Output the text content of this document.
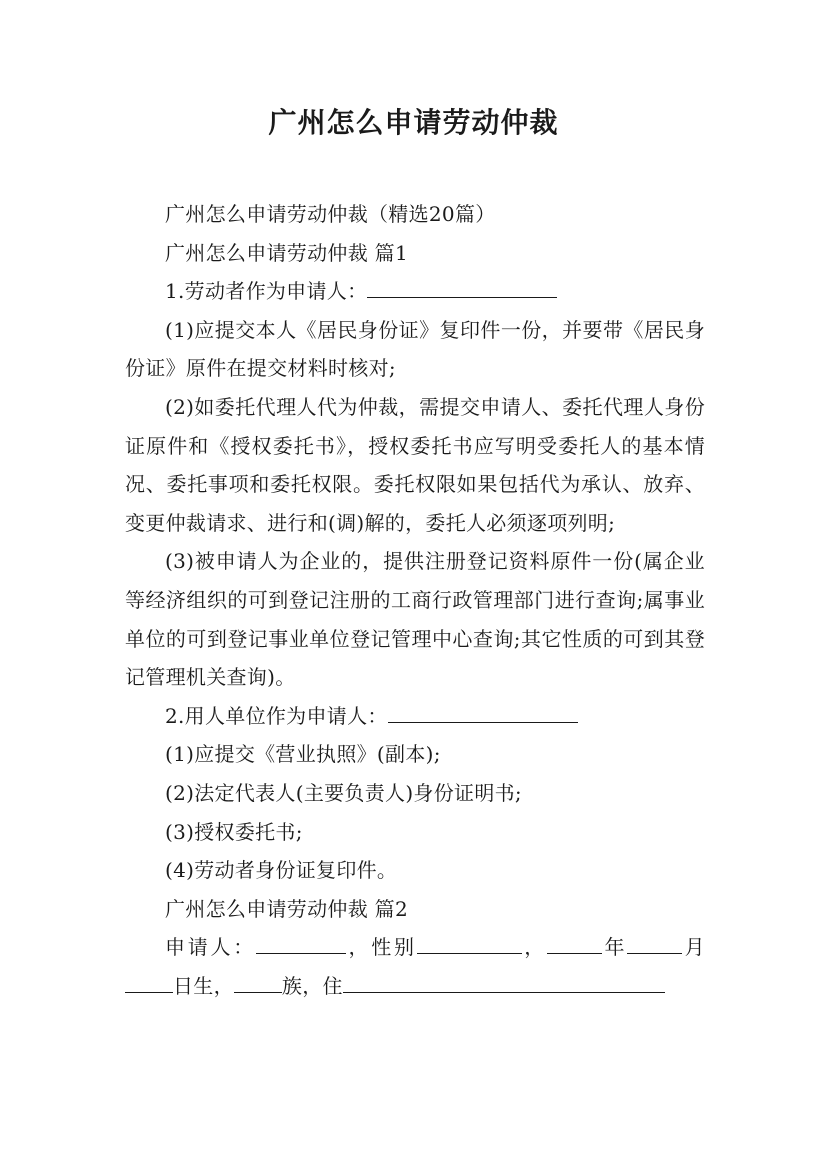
广州怎么申请劳动仲裁

广州怎么申请劳动仲裁（精选20篇）

广州怎么申请劳动仲裁 篇1

1.劳动者作为申请人：

(1)应提交本人《居民身份证》复印件一份，并要带《居民身份证》原件在提交材料时核对;

(2)如委托代理人代为仲裁，需提交申请人、委托代理人身份证原件和《授权委托书》，授权委托书应写明受委托人的基本情况、委托事项和委托权限。委托权限如果包括代为承认、放弃、变更仲裁请求、进行和(调)解的，委托人必须逐项列明;

(3)被申请人为企业的，提供注册登记资料原件一份(属企业等经济组织的可到登记注册的工商行政管理部门进行查询;属事业单位的可到登记事业单位登记管理中心查询;其它性质的可到其登记管理机关查询)。

2.用人单位作为申请人：

(1)应提交《营业执照》(副本);

(2)法定代表人(主要负责人)身份证明书;

(3)授权委托书;

(4)劳动者身份证复印件。

广州怎么申请劳动仲裁 篇2

申请人：	，性别	，	年	月日生， 族，住
